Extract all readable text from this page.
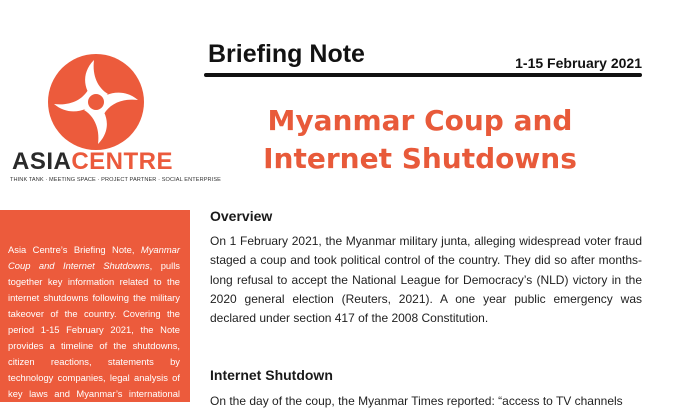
ASIACENTRE
THINK TANK · MEETING SPACE · PROJECT PARTNER · SOCIAL ENTERPRISE
Briefing Note	1-15 February 2021
Myanmar Coup and
Internet Shutdowns

Asia Centre’s Briefing Note, Myanmar Coup and Internet Shutdowns, pulls together key information related to the internet shutdowns following the military takeover of the country. Covering the period 1-15 February 2021, the Note provides a timeline of the shutdowns, citizen reactions, statements by technology companies, legal analysis of key laws and Myanmar’s international human rights obligations. Asia Centre

Overview

On 1 February 2021, the Myanmar military junta, alleging widespread voter fraud staged a coup and took political control of the country. They did so after months-long refusal to accept the National League for Democracy’s (NLD) victory in the 2020 general election (Reuters, 2021). A one year public emergency was declared under section 417 of the 2008 Constitution.

Internet Shutdown

On the day of the coup, the Myanmar Times reported: “access to TV channels
